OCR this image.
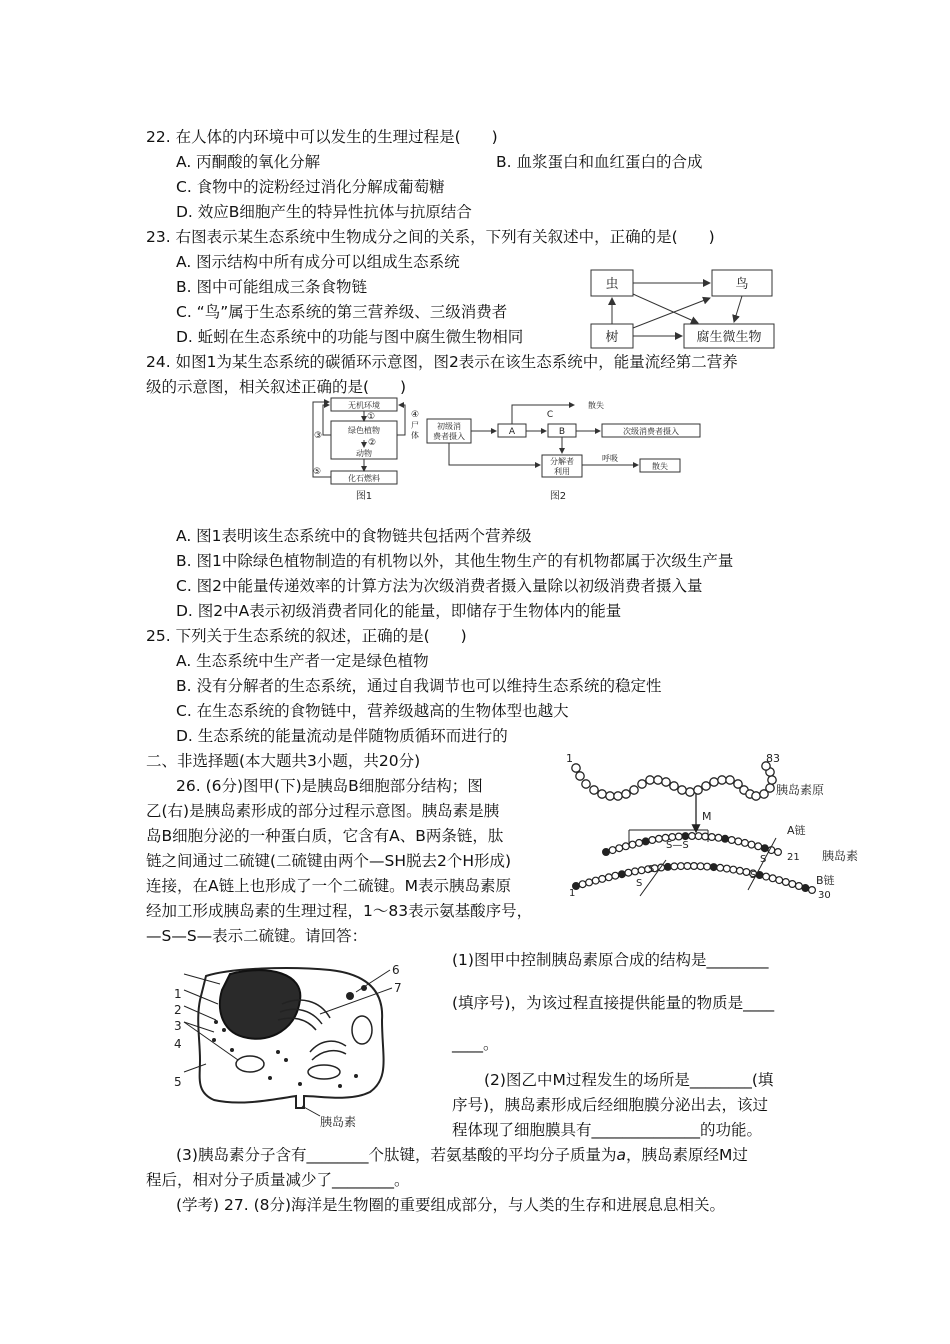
22. 在人体的内环境中可以发生的生理过程是(　　)
A. 丙酮酸的氧化分解	B. 血浆蛋白和血红蛋白的合成
C. 食物中的淀粉经过消化分解成葡萄糖
D. 效应B细胞产生的特异性抗体与抗原结合
23. 右图表示某生态系统中生物成分之间的关系，下列有关叙述中，正确的是(　　)
A. 图示结构中所有成分可以组成生态系统
B. 图中可能组成三条食物链
C. “鸟”属于生态系统的第三营养级、三级消费者
D. 蚯蚓在生态系统中的功能与图中腐生微生物相同
虫	鸟
树	腐生微生物
24. 如图1为某生态系统的碳循环示意图，图2表示在该生态系统中，能量流经第二营养
级的示意图，相关叙述正确的是(　　)
无机环境
①
绿色植物
②
动物
化石燃料
③
⑤
④
尸
体
图1
初级消
费者摄入	A	B
C
散失
次级消费者摄入
分解者
利用
呼吸
散失
图2
A. 图1表明该生态系统中的食物链共包括两个营养级
B. 图1中除绿色植物制造的有机物以外，其他生物生产的有机物都属于次级生产量
C. 图2中能量传递效率的计算方法为次级消费者摄入量除以初级消费者摄入量
D. 图2中A表示初级消费者同化的能量，即储存于生物体内的能量
25. 下列关于生态系统的叙述，正确的是(　　)
A. 生态系统中生产者一定是绿色植物
B. 没有分解者的生态系统，通过自我调节也可以维持生态系统的稳定性
C. 在生态系统的食物链中，营养级越高的生物体型也越大
D. 生态系统的能量流动是伴随物质循环而进行的
二、非选择题(本大题共3小题，共20分)
26. (6分)图甲(下)是胰岛B细胞部分结构；图
乙(右)是胰岛素形成的部分过程示意图。胰岛素是胰
岛B细胞分泌的一种蛋白质，它含有A、B两条链，肽
链之间通过二硫键(二硫键由两个—SH脱去2个H形成)
连接，在A链上也形成了一个二硫键。M表示胰岛素原
经加工形成胰岛素的生理过程，1～83表示氨基酸序号，
—S—S—表示二硫键。请回答：
1	83
胰岛素原
M
S—S
S
S
S
S
A链
21 胰岛素
1
B链
30
1
2
3
4
5
6
7
胰岛素
(1)图甲中控制胰岛素原合成的结构是________
(填序号)，为该过程直接提供能量的物质是____
____。
(2)图乙中M过程发生的场所是________(填
序号)，胰岛素形成后经细胞膜分泌出去，该过
程体现了细胞膜具有______________的功能。
(3)胰岛素分子含有________个肽键，若氨基酸的平均分子质量为a，胰岛素原经M过
程后，相对分子质量减少了________。
(学考) 27. (8分)海洋是生物圈的重要组成部分，与人类的生存和进展息息相关。
